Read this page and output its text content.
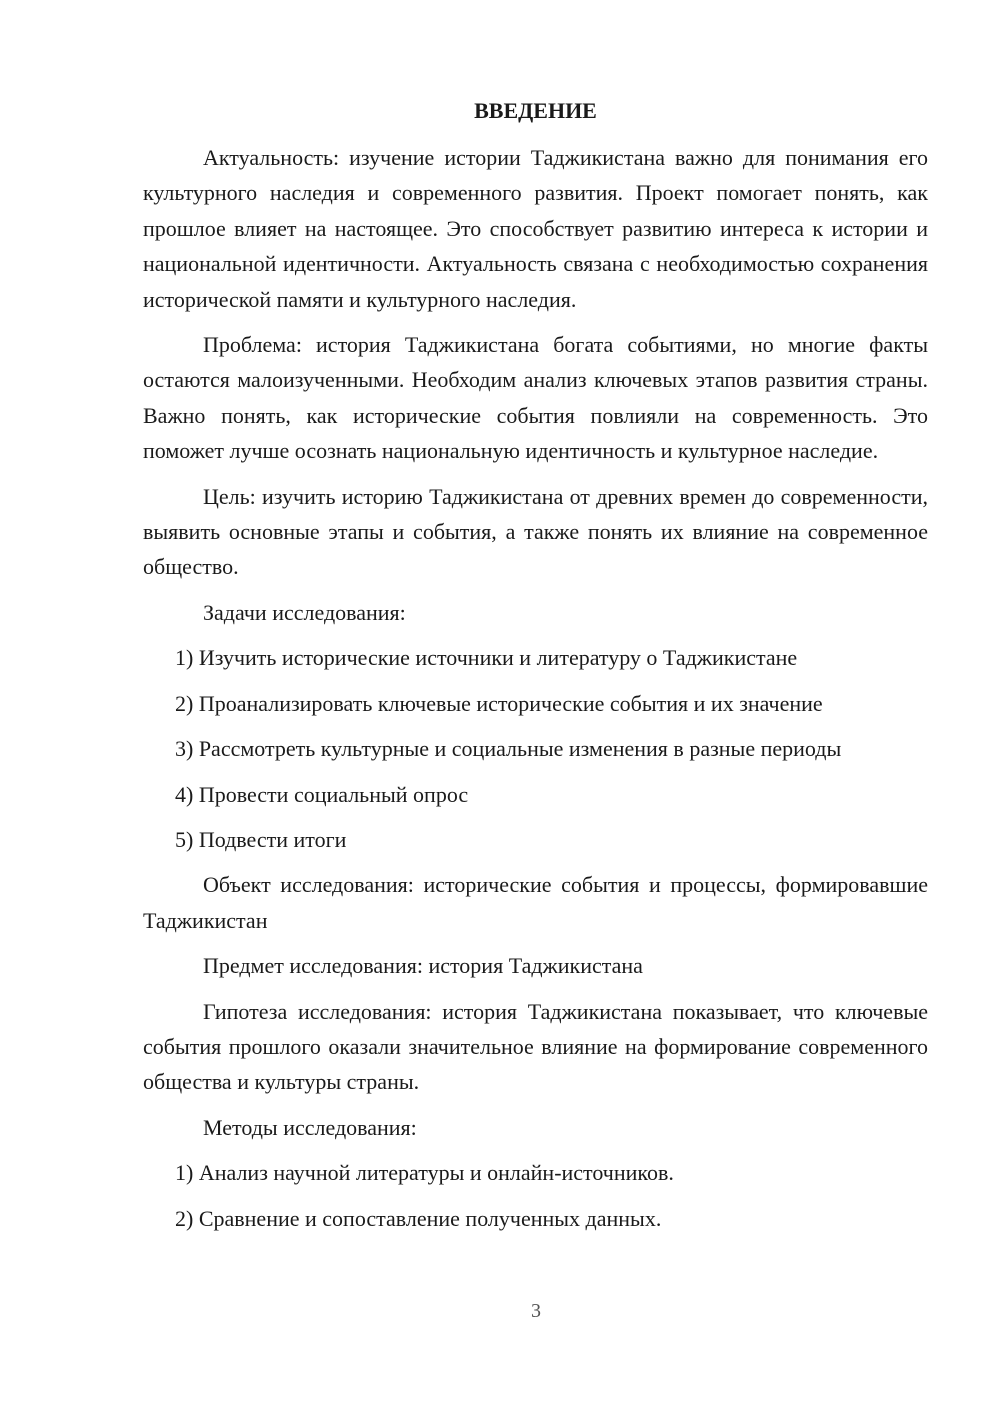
ВВЕДЕНИЕ

Актуальность: изучение истории Таджикистана важно для понимания его культурного наследия и современного развития. Проект помогает понять, как прошлое влияет на настоящее. Это способствует развитию интереса к истории и национальной идентичности. Актуальность связана с необходимостью сохранения исторической памяти и культурного наследия.

Проблема: история Таджикистана богата событиями, но многие факты остаются малоизученными. Необходим анализ ключевых этапов развития страны. Важно понять, как исторические события повлияли на современность. Это поможет лучше осознать национальную идентичность и культурное наследие.

Цель: изучить историю Таджикистана от древних времен до современности, выявить основные этапы и события, а также понять их влияние на современное общество.

Задачи исследования:

1) Изучить исторические источники и литературу о Таджикистане

2) Проанализировать ключевые исторические события и их значение

3) Рассмотреть культурные и социальные изменения в разные периоды

4) Провести социальный опрос

5) Подвести итоги

Объект исследования: исторические события и процессы, формировавшие Таджикистан

Предмет исследования: история Таджикистана

Гипотеза исследования: история Таджикистана показывает, что ключевые события прошлого оказали значительное влияние на формирование современного общества и культуры страны.

Методы исследования:

1) Анализ научной литературы и онлайн-источников.

2) Сравнение и сопоставление полученных данных.

3
